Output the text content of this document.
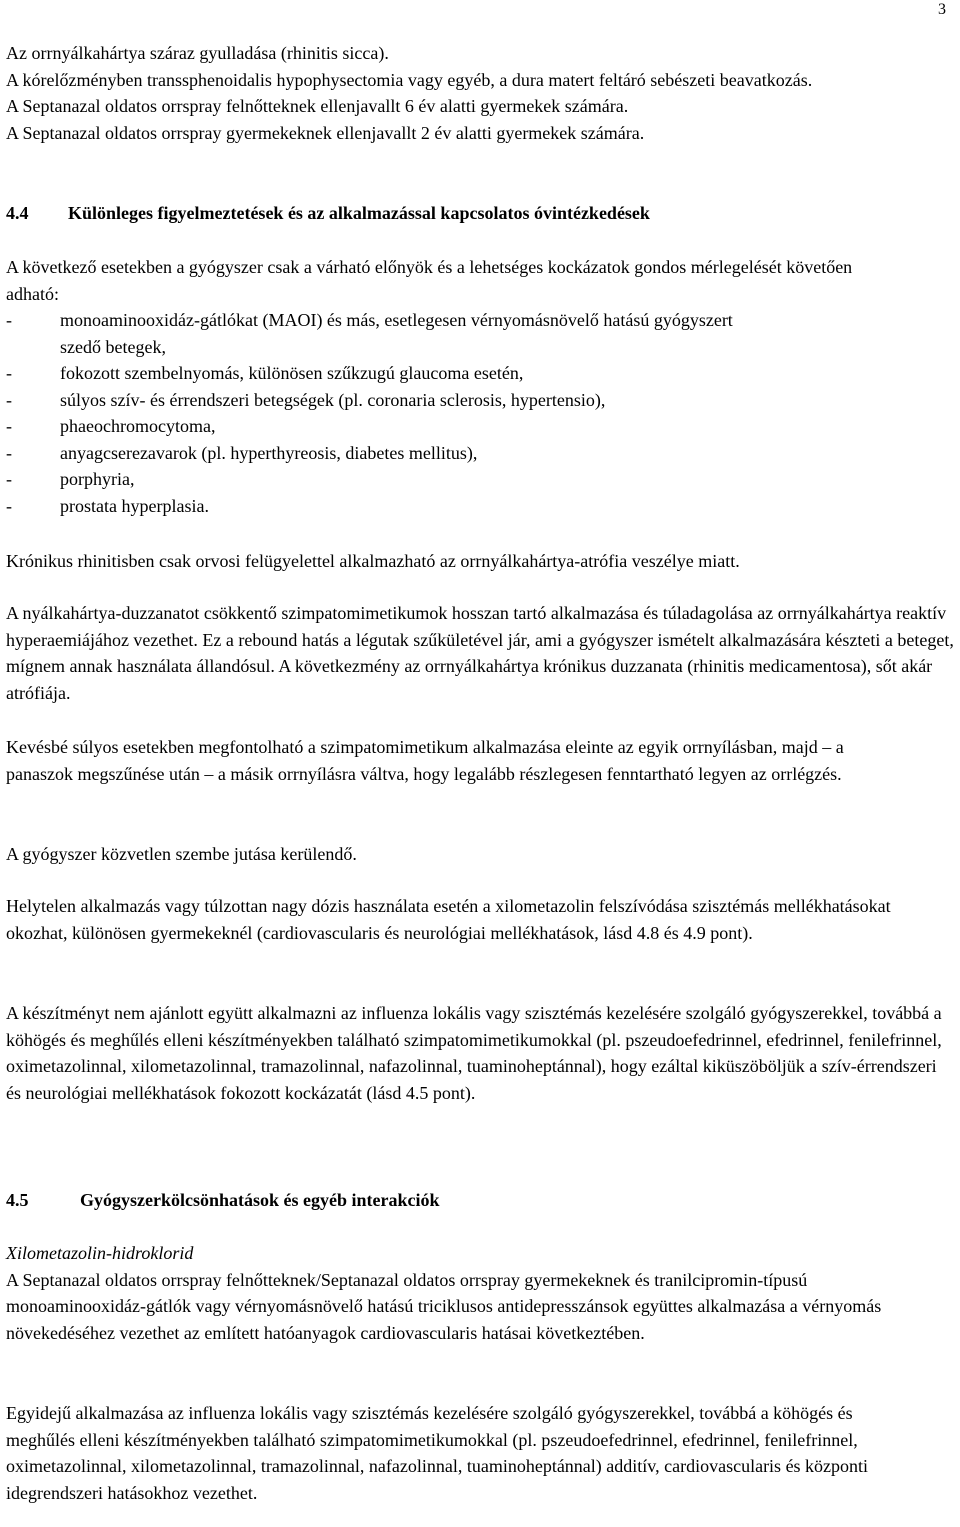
3

Az orrnyálkahártya száraz gyulladása (rhinitis sicca).

A kórelőzményben transsphenoidalis hypophysectomia vagy egyéb, a dura matert feltáró sebészeti beavatkozás.

A Septanazal oldatos orrspray felnőtteknek ellenjavallt 6 év alatti gyermekek számára.

A Septanazal oldatos orrspray gyermekeknek ellenjavallt 2 év alatti gyermekek számára.

4.4 Különleges figyelmeztetések és az alkalmazással kapcsolatos óvintézkedések

A következő esetekben a gyógyszer csak a várható előnyök és a lehetséges kockázatok gondos mérlegelését követően adható:

-	monoaminooxidáz-gátlókat (MAOI) és más, esetlegesen vérnyomásnövelő hatású gyógyszert szedő betegek,
-	fokozott szembelnyomás, különösen szűkzugú glaucoma esetén,
-	súlyos szív- és érrendszeri betegségek (pl. coronaria sclerosis, hypertensio),
-	phaeochromocytoma,
-	anyagcserezavarok (pl. hyperthyreosis, diabetes mellitus),
-	porphyria,
-	prostata hyperplasia.

Krónikus rhinitisben csak orvosi felügyelettel alkalmazható az orrnyálkahártya-atrófia veszélye miatt.

A nyálkahártya-duzzanatot csökkentő szimpatomimetikumok hosszan tartó alkalmazása és túladagolása az orrnyálkahártya reaktív hyperaemiájához vezethet. Ez a rebound hatás a légutak szűkületével jár, ami a gyógyszer ismételt alkalmazására készteti a beteget, mígnem annak használata állandósul. A következmény az orrnyálkahártya krónikus duzzanata (rhinitis medicamentosa), sőt akár atrófiája.

Kevésbé súlyos esetekben megfontolható a szimpatomimetikum alkalmazása eleinte az egyik orrnyílásban, majd – a panaszok megszűnése után – a másik orrnyílásra váltva, hogy legalább részlegesen fenntartható legyen az orrlégzés.

A gyógyszer közvetlen szembe jutása kerülendő.

Helytelen alkalmazás vagy túlzottan nagy dózis használata esetén a xilometazolin felszívódása szisztémás mellékhatásokat okozhat, különösen gyermekeknél (cardiovascularis és neurológiai mellékhatások, lásd 4.8 és 4.9 pont).

A készítményt nem ajánlott együtt alkalmazni az influenza lokális vagy szisztémás kezelésére szolgáló gyógyszerekkel, továbbá a köhögés és meghűlés elleni készítményekben található szimpatomimetikumokkal (pl. pszeudoefedrinnel, efedrinnel, fenilefrinnel, oximetazolinnal, xilometazolinnal, tramazolinnal, nafazolinnal, tuaminoheptánnal), hogy ezáltal kiküszöböljük a szív-érrendszeri és neurológiai mellékhatások fokozott kockázatát (lásd 4.5 pont).

4.5	Gyógyszerkölcsönhatások és egyéb interakciók

Xilometazolin-hidroklorid

A Septanazal oldatos orrspray felnőtteknek/Septanazal oldatos orrspray gyermekeknek és tranilcipromin-típusú monoaminooxidáz-gátlók vagy vérnyomásnövelő hatású triciklusos antidepresszánsok együttes alkalmazása a vérnyomás növekedéséhez vezethet az említett hatóanyagok cardiovascularis hatásai következtében.

Egyidejű alkalmazása az influenza lokális vagy szisztémás kezelésére szolgáló gyógyszerekkel, továbbá a köhögés és meghűlés elleni készítményekben található szimpatomimetikumokkal (pl. pszeudoefedrinnel, efedrinnel, fenilefrinnel, oximetazolinnal, xilometazolinnal, tramazolinnal, nafazolinnal, tuaminoheptánnal) additív, cardiovascularis és központi idegrendszeri hatásokhoz vezethet.
